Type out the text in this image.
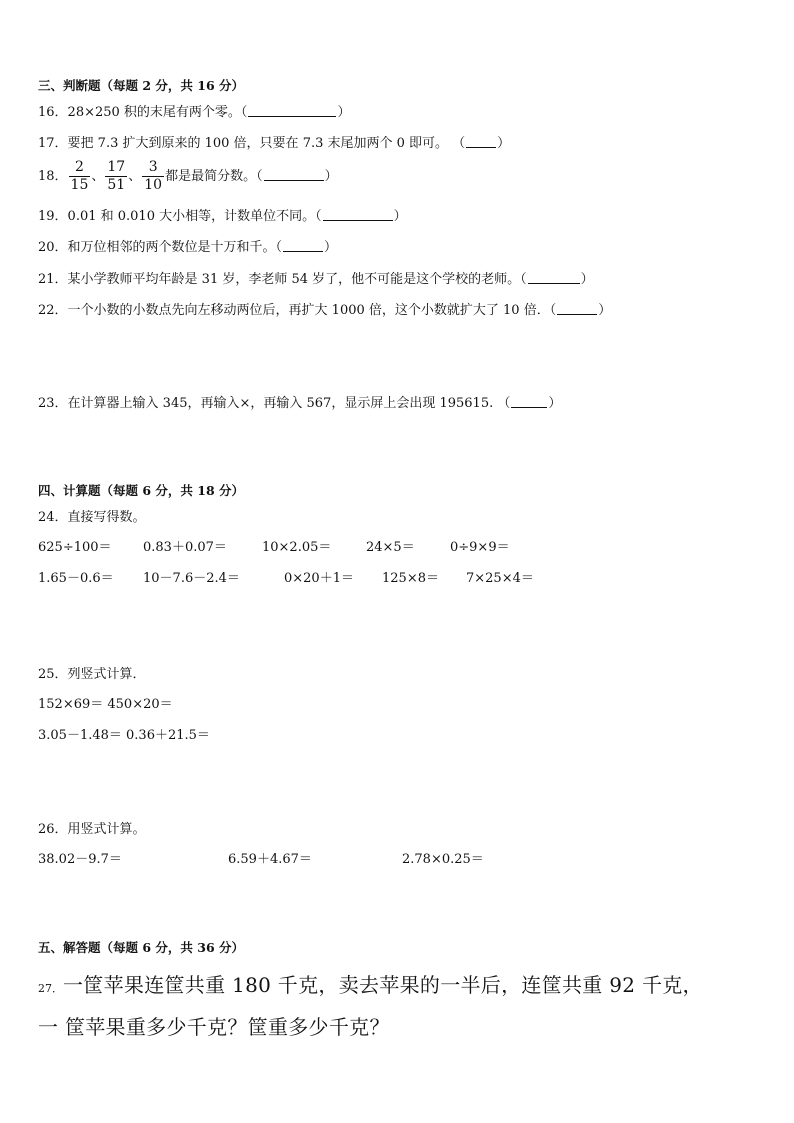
三、判断题（每题 2 分，共 16 分）
16．28×250 积的末尾有两个零。（	）
17．要把 7.3 扩大到原来的 100 倍，只要在 7.3 末尾加两个 0 即可。 （ ）
18． $\frac{2}{15}$ 、 $\frac{17}{51}$ 、 $\frac{3}{10}$ 都是最简分数。（	）
19．0.01 和 0.010 大小相等，计数单位不同。（	）
20．和万位相邻的两个数位是十万和千。（	）
21．某小学教师平均年龄是 31 岁，李老师 54 岁了，他不可能是这个学校的老师。（	）
22．一个小数的小数点先向左移动两位后，再扩大 1000 倍，这个小数就扩大了 10 倍．（	）
23．在计算器上输入 345，再输入×，再输入 567，显示屏上会出现 195615. （	）
四、计算题（每题 6 分，共 18 分）
24．直接写得数。
625÷100＝ 0.83＋0.07＝	10×2.05＝	24×5＝	0÷9×9＝
1.65－0.6＝ 10－7.6－2.4＝	0×20＋1＝ 125×8＝ 7×25×4＝
25．列竖式计算．
152×69＝ 450×20＝
3.05－1.48＝ 0.36＋21.5＝
26．用竖式计算。
38.02－9.7＝	6.59＋4.67＝	2.78×0.25＝
五、解答题（每题 6 分，共 36 分）
27．一筐苹果连筐共重 180 千克，卖去苹果的一半后，连筐共重 92 千克，
一 筐苹果重多少千克？筐重多少千克？
